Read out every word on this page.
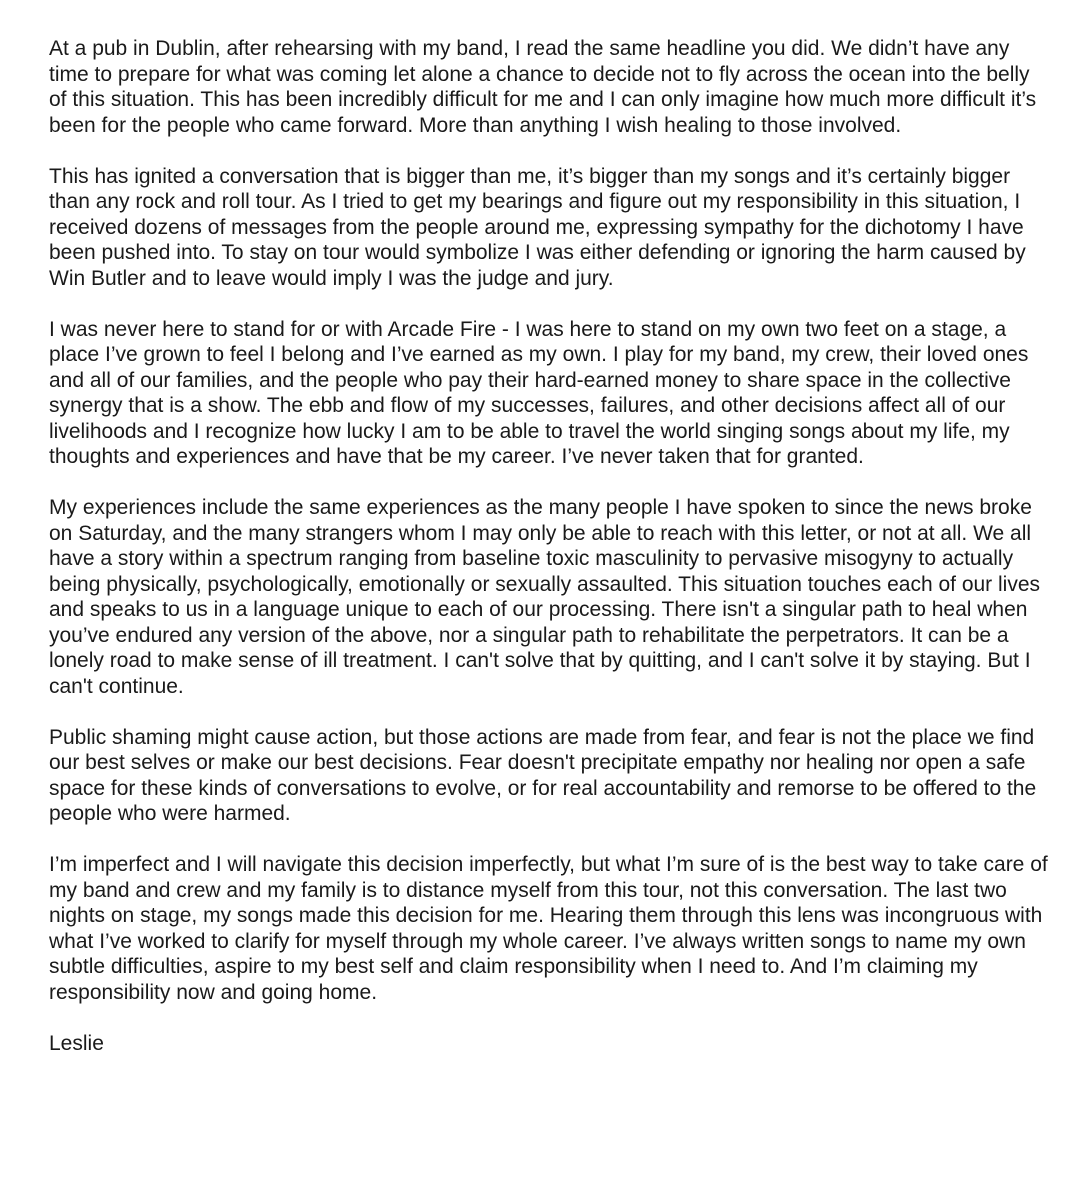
At a pub in Dublin, after rehearsing with my band, I read the same headline you did. We didn’t have any time to prepare for what was coming let alone a chance to decide not to fly across the ocean into the belly of this situation. This has been incredibly difficult for me and I can only imagine how much more difficult it’s been for the people who came forward. More than anything I wish healing to those involved.

This has ignited a conversation that is bigger than me, it’s bigger than my songs and it’s certainly bigger than any rock and roll tour. As I tried to get my bearings and figure out my responsibility in this situation, I received dozens of messages from the people around me, expressing sympathy for the dichotomy I have been pushed into. To stay on tour would symbolize I was either defending or ignoring the harm caused by Win Butler and to leave would imply I was the judge and jury.

I was never here to stand for or with Arcade Fire - I was here to stand on my own two feet on a stage, a place I’ve grown to feel I belong and I’ve earned as my own. I play for my band, my crew, their loved ones and all of our families, and the people who pay their hard-earned money to share space in the collective synergy that is a show. The ebb and flow of my successes, failures, and other decisions affect all of our livelihoods and I recognize how lucky I am to be able to travel the world singing songs about my life, my thoughts and experiences and have that be my career. I’ve never taken that for granted.

My experiences include the same experiences as the many people I have spoken to since the news broke on Saturday, and the many strangers whom I may only be able to reach with this letter, or not at all. We all have a story within a spectrum ranging from baseline toxic masculinity to pervasive misogyny to actually being physically, psychologically, emotionally or sexually assaulted. This situation touches each of our lives and speaks to us in a language unique to each of our processing. There isn't a singular path to heal when you’ve endured any version of the above, nor a singular path to rehabilitate the perpetrators. It can be a lonely road to make sense of ill treatment. I can't solve that by quitting, and I can't solve it by staying. But I can't continue.

Public shaming might cause action, but those actions are made from fear, and fear is not the place we find our best selves or make our best decisions. Fear doesn't precipitate empathy nor healing nor open a safe space for these kinds of conversations to evolve, or for real accountability and remorse to be offered to the people who were harmed.

I’m imperfect and I will navigate this decision imperfectly, but what I’m sure of is the best way to take care of my band and crew and my family is to distance myself from this tour, not this conversation. The last two nights on stage, my songs made this decision for me. Hearing them through this lens was incongruous with what I’ve worked to clarify for myself through my whole career. I’ve always written songs to name my own subtle difficulties, aspire to my best self and claim responsibility when I need to. And I’m claiming my responsibility now and going home.

Leslie
